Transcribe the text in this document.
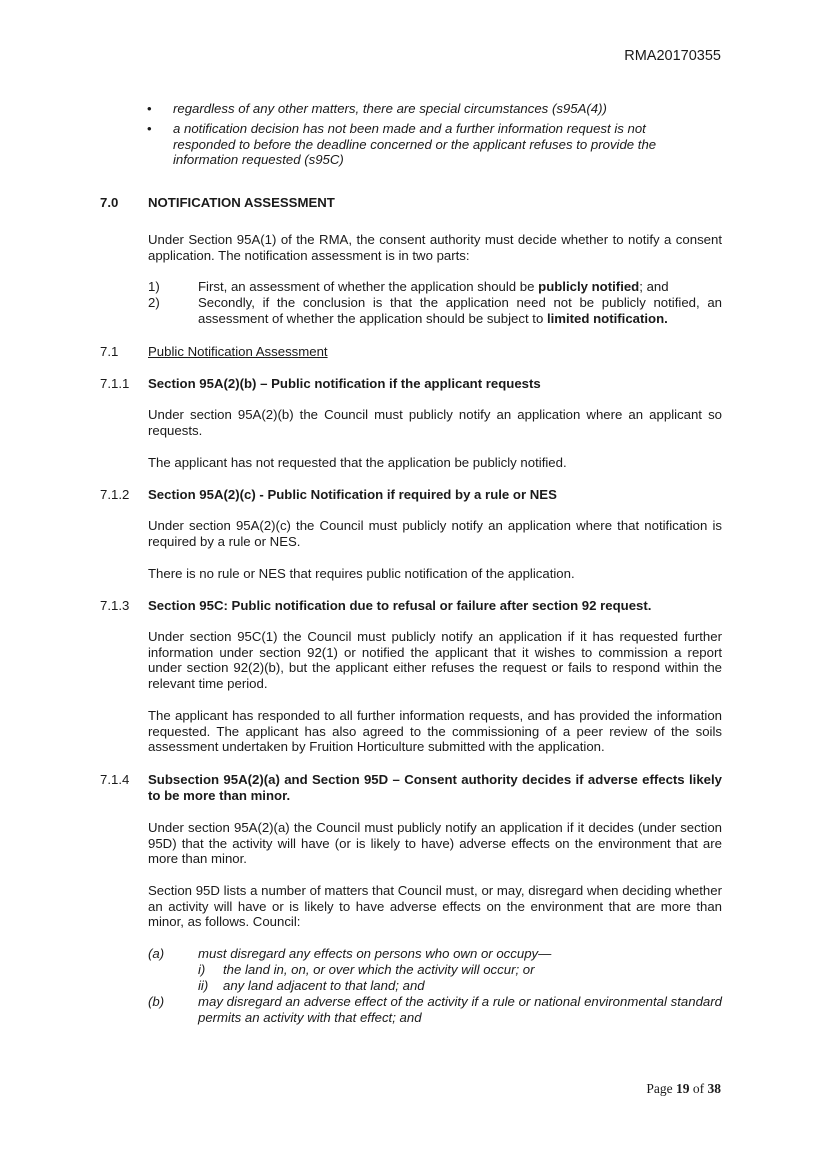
RMA20170355
• regardless of any other matters, there are special circumstances (s95A(4))
• a notification decision has not been made and a further information request is not responded to before the deadline concerned or the applicant refuses to provide the information requested (s95C)
7.0 NOTIFICATION ASSESSMENT
Under Section 95A(1) of the RMA, the consent authority must decide whether to notify a consent application. The notification assessment is in two parts:
1)	First, an assessment of whether the application should be publicly notified; and
2)	Secondly, if the conclusion is that the application need not be publicly notified, an assessment of whether the application should be subject to limited notification.
7.1 Public Notification Assessment
7.1.1 Section 95A(2)(b) – Public notification if the applicant requests
Under section 95A(2)(b) the Council must publicly notify an application where an applicant so requests.
The applicant has not requested that the application be publicly notified.
7.1.2 Section 95A(2)(c) - Public Notification if required by a rule or NES
Under section 95A(2)(c) the Council must publicly notify an application where that notification is required by a rule or NES.
There is no rule or NES that requires public notification of the application.
7.1.3 Section 95C: Public notification due to refusal or failure after section 92 request.
Under section 95C(1) the Council must publicly notify an application if it has requested further information under section 92(1) or notified the applicant that it wishes to commission a report under section 92(2)(b), but the applicant either refuses the request or fails to respond within the relevant time period.
The applicant has responded to all further information requests, and has provided the information requested. The applicant has also agreed to the commissioning of a peer review of the soils assessment undertaken by Fruition Horticulture submitted with the application.
7.1.4 Subsection 95A(2)(a) and Section 95D – Consent authority decides if adverse effects likely to be more than minor.
Under section 95A(2)(a) the Council must publicly notify an application if it decides (under section 95D) that the activity will have (or is likely to have) adverse effects on the environment that are more than minor.
Section 95D lists a number of matters that Council must, or may, disregard when deciding whether an activity will have or is likely to have adverse effects on the environment that are more than minor, as follows. Council:
(a)	must disregard any effects on persons who own or occupy—
i) the land in, on, or over which the activity will occur; or
ii) any land adjacent to that land; and
(b)	may disregard an adverse effect of the activity if a rule or national environmental standard permits an activity with that effect; and
Page 19 of 38
